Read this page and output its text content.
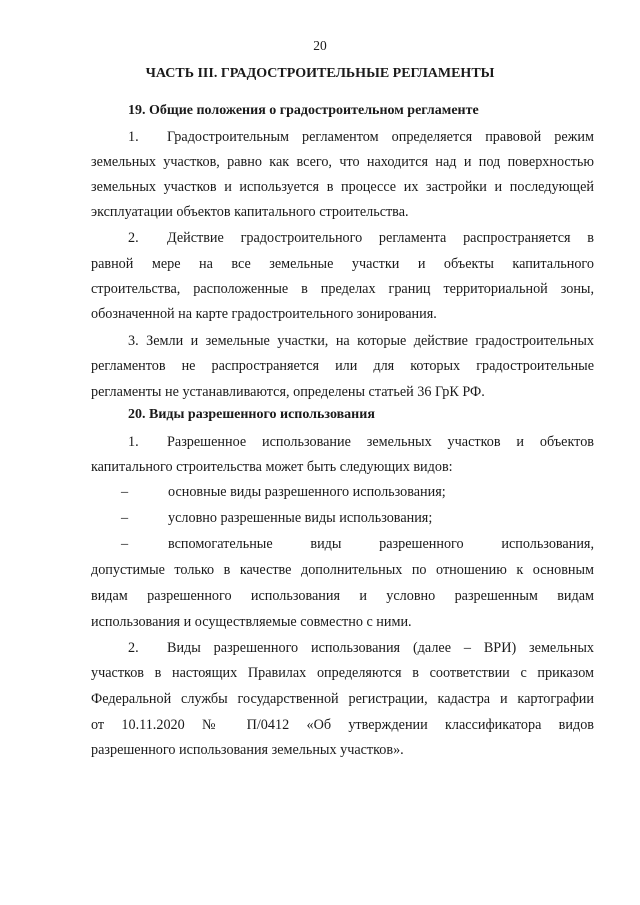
20
ЧАСТЬ III. ГРАДОСТРОИТЕЛЬНЫЕ РЕГЛАМЕНТЫ
19. Общие положения о градостроительном регламенте
1. Градостроительным регламентом определяется правовой режим
земельных участков, равно как всего, что находится над и под поверхностью
земельных участков и используется в процессе их застройки и последующей
эксплуатации объектов капитального строительства.
2. Действие градостроительного регламента распространяется в
равной мере на все земельные участки и объекты капитального
строительства, расположенные в пределах границ территориальной зоны,
обозначенной на карте градостроительного зонирования.
3. Земли и земельные участки, на которые действие градостроительных
регламентов не распространяется или для которых градостроительные
регламенты не устанавливаются, определены статьей 36 ГрК РФ.
20. Виды разрешенного использования
1. Разрешенное использование земельных участков и объектов
капитального строительства может быть следующих видов:
–	основные виды разрешенного использования;
–	условно разрешенные виды использования;
–	вспомогательные виды разрешенного использования,
допустимые только в качестве дополнительных по отношению к основным
видам разрешенного использования и условно разрешенным видам
использования и осуществляемые совместно с ними.
2. Виды разрешенного использования (далее – ВРИ) земельных
участков в настоящих Правилах определяются в соответствии с приказом
Федеральной службы государственной регистрации, кадастра и картографии
от 10.11.2020 № П/0412 «Об утверждении классификатора видов
разрешенного использования земельных участков».
